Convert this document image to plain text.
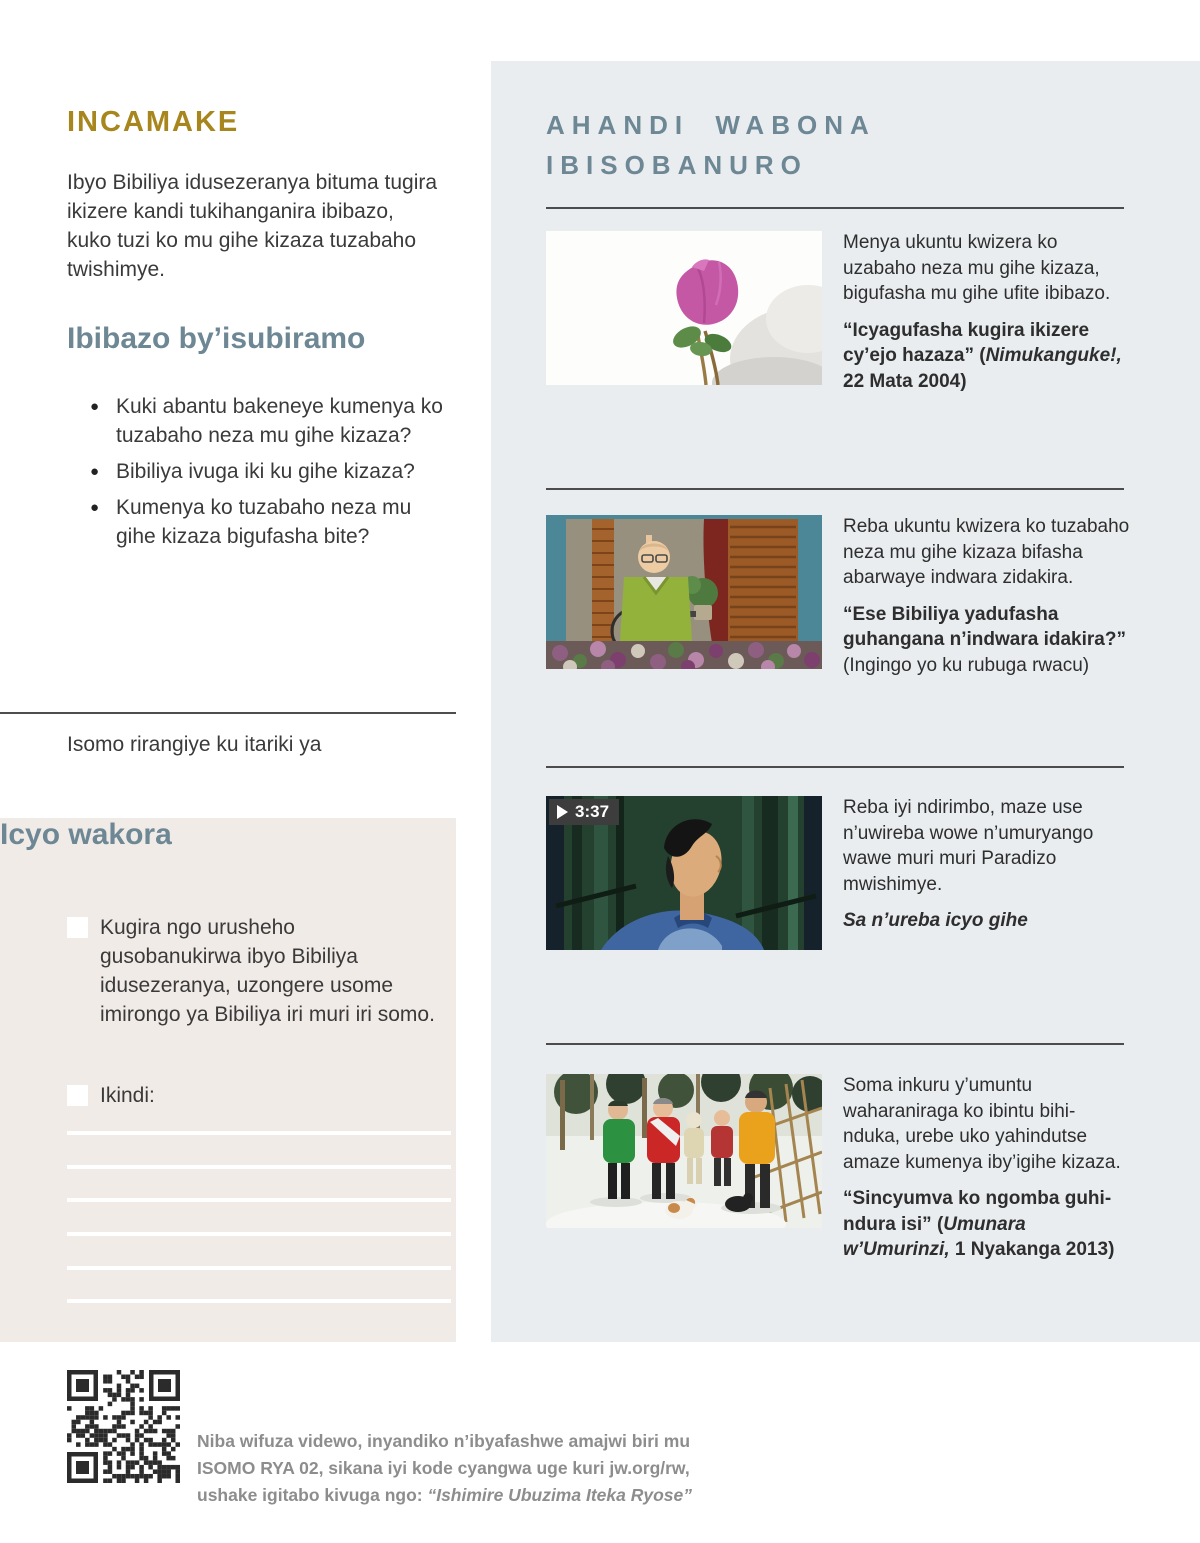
INCAMAKE

Ibyo Bibiliya idusezeranya bituma tugira ikizere kandi tukihanganira ibibazo, kuko tuzi ko mu gihe kizaza tuzabaho twishimye.

Ibibazo by’isubiramo
● Kuki abantu bakeneye kumenya ko tuzabaho neza mu gihe kizaza?
● Bibiliya ivuga iki ku gihe kizaza?
● Kumenya ko tuzabaho neza mu gihe kizaza bigufasha bite?
Isomo rirangiye ku itariki ya
Icyo wakora
Kugira ngo urusheho gusobanukirwa ibyo Bibiliya idusezeranya, uzongere usome imirongo ya Bibiliya iri muri iri somo.
Ikindi:
AHANDI WABONA
IBISOBANURO

Menya ukuntu kwizera ko uzabaho neza mu gihe kizaza, bigufasha mu gihe ufite ibibazo.

“Icyagufasha kugira ikizere cy’ejo hazaza” (Nimukanguke!, 22 Mata 2004)

Reba ukuntu kwizera ko tuzabaho neza mu gihe kizaza bifasha abarwaye indwara zidakira.

“Ese Bibiliya yadufasha guhangana n’indwara idakira?”
(Ingingo yo ku rubuga rwacu)

3:37	Reba iyi ndirimbo, maze use n’uwireba wowe n’umuryango wawe muri muri Paradizo mwishimye.

Sa n’ureba icyo gihe

Soma inkuru y’umuntu waharaniraga ko ibintu bihi-nduka, urebe uko yahindutse amaze kumenya iby’igihe kizaza.

“Sincyumva ko ngomba guhi-ndura isi” (Umunara w’Umurinzi, 1 Nyakanga 2013)

Niba wifuza videwo, inyandiko n’ibyafashwe amajwi biri mu ISOMO RYA 02, sikana iyi kode cyangwa uge kuri jw.org/rw, ushake igitabo kivuga ngo: “Ishimire Ubuzima Iteka Ryose”
